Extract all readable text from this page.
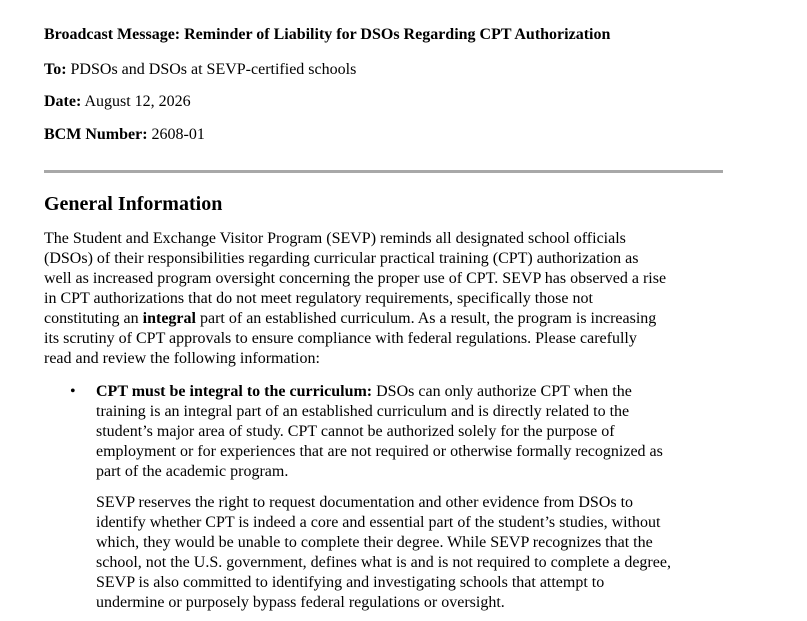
Broadcast Message: Reminder of Liability for DSOs Regarding CPT Authorization
To: PDSOs and DSOs at SEVP-certified schools
Date: August 12, 2026
BCM Number: 2608-01
General Information

The Student and Exchange Visitor Program (SEVP) reminds all designated school officials
(DSOs) of their responsibilities regarding curricular practical training (CPT) authorization as
well as increased program oversight concerning the proper use of CPT. SEVP has observed a rise
in CPT authorizations that do not meet regulatory requirements, specifically those not
constituting an integral part of an established curriculum. As a result, the program is increasing
its scrutiny of CPT approvals to ensure compliance with federal regulations. Please carefully
read and review the following information:

• CPT must be integral to the curriculum: DSOs can only authorize CPT when the
training is an integral part of an established curriculum and is directly related to the
student’s major area of study. CPT cannot be authorized solely for the purpose of
employment or for experiences that are not required or otherwise formally recognized as
part of the academic program.

SEVP reserves the right to request documentation and other evidence from DSOs to
identify whether CPT is indeed a core and essential part of the student’s studies, without
which, they would be unable to complete their degree. While SEVP recognizes that the
school, not the U.S. government, defines what is and is not required to complete a degree,
SEVP is also committed to identifying and investigating schools that attempt to
undermine or purposely bypass federal regulations or oversight.
